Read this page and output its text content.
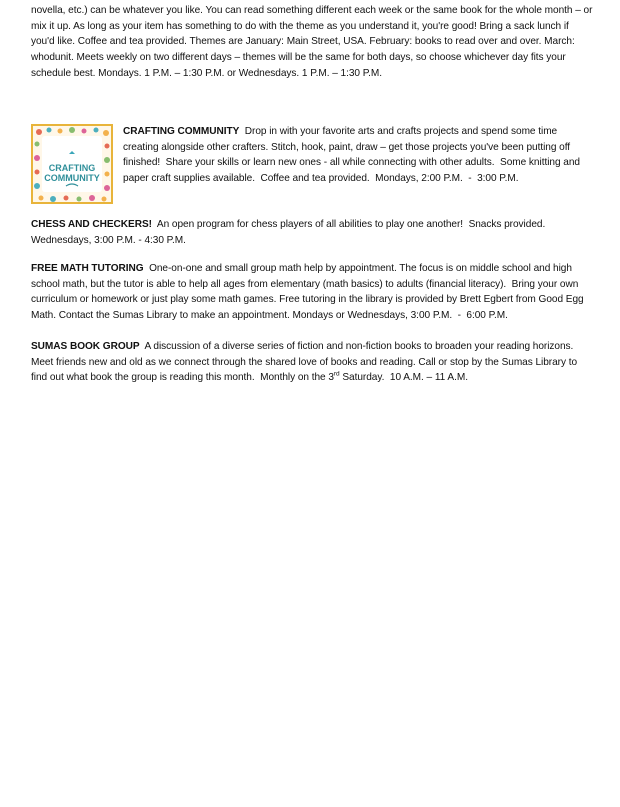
novella, etc.) can be whatever you like. You can read something different each week or the same book for the whole month – or mix it up. As long as your item has something to do with the theme as you understand it, you're good! Bring a sack lunch if you'd like. Coffee and tea provided. Themes are January: Main Street, USA. February: books to read over and over. March: whodunit. Meets weekly on two different days – themes will be the same for both days, so choose whichever day fits your schedule best. Mondays. 1 P.M. – 1:30 P.M. or Wednesdays. 1 P.M. – 1:30 P.M.

CRAFTING COMMUNITY

CRAFTING COMMUNITY  Drop in with your favorite arts and crafts projects and spend some time creating alongside other crafters. Stitch, hook, paint, draw – get those projects you've been putting off finished!  Share your skills or learn new ones - all while connecting with other adults.  Some knitting and paper craft supplies available.  Coffee and tea provided.  Mondays, 2:00 P.M.  -  3:00 P.M.

CHESS AND CHECKERS!  An open program for chess players of all abilities to play one another!  Snacks provided. Wednesdays, 3:00 P.M. - 4:30 P.M.

FREE MATH TUTORING  One-on-one and small group math help by appointment. The focus is on middle school and high school math, but the tutor is able to help all ages from elementary (math basics) to adults (financial literacy).  Bring your own curriculum or homework or just play some math games. Free tutoring in the library is provided by Brett Egbert from Good Egg Math. Contact the Sumas Library to make an appointment. Mondays or Wednesdays, 3:00 P.M.  -  6:00 P.M.

SUMAS BOOK GROUP  A discussion of a diverse series of fiction and non-fiction books to broaden your reading horizons. Meet friends new and old as we connect through the shared love of books and reading. Call or stop by the Sumas Library to find out what book the group is reading this month.  Monthly on the 3rd Saturday.  10 A.M. – 11 A.M.
